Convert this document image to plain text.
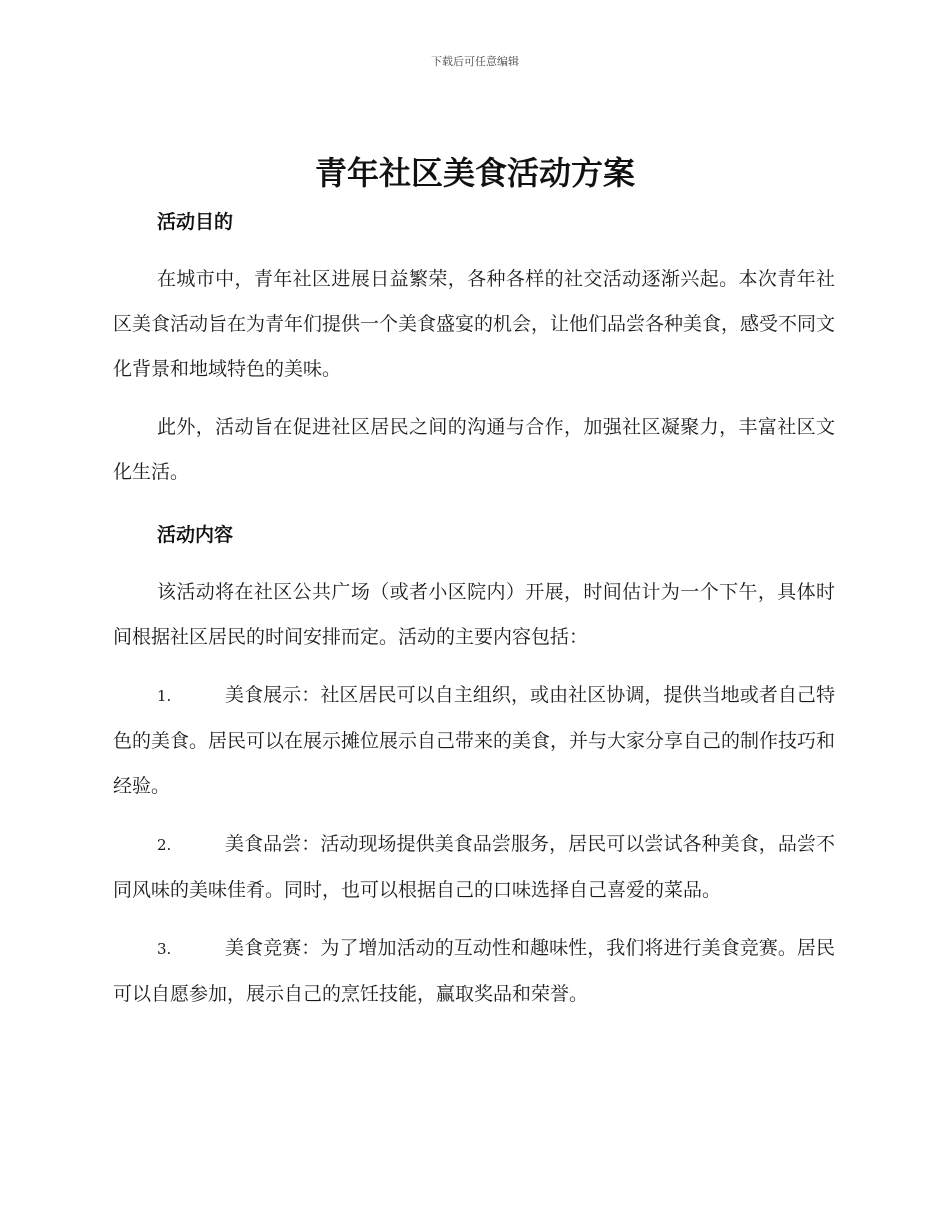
下载后可任意编辑
青年社区美食活动方案

活动目的

在城市中，青年社区进展日益繁荣，各种各样的社交活动逐渐兴起。本次青年社区美食活动旨在为青年们提供一个美食盛宴的机会，让他们品尝各种美食，感受不同文化背景和地域特色的美味。

此外，活动旨在促进社区居民之间的沟通与合作，加强社区凝聚力，丰富社区文化生活。

活动内容

该活动将在社区公共广场（或者小区院内）开展，时间估计为一个下午，具体时间根据社区居民的时间安排而定。活动的主要内容包括：

1.	美食展示：社区居民可以自主组织，或由社区协调，提供当地或者自己特色的美食。居民可以在展示摊位展示自己带来的美食，并与大家分享自己的制作技巧和经验。

2.	美食品尝：活动现场提供美食品尝服务，居民可以尝试各种美食，品尝不同风味的美味佳肴。同时，也可以根据自己的口味选择自己喜爱的菜品。

3.	美食竞赛：为了增加活动的互动性和趣味性，我们将进行美食竞赛。居民可以自愿参加，展示自己的烹饪技能，赢取奖品和荣誉。
